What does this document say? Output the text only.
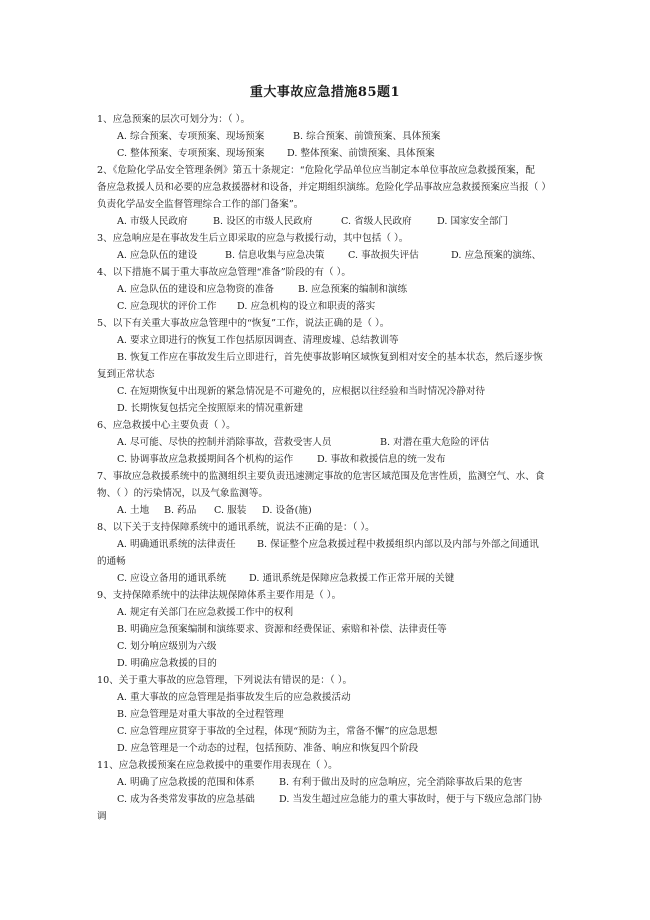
重大事故应急措施85题1
1、应急预案的层次可划分为：（ ）。
A. 综合预案、专项预案、现场预案	B. 综合预案、前馈预案、具体预案
C. 整体预案、专项预案、现场预案 D. 整体预案、前馈预案、具体预案
2、《危险化学品安全管理条例》第五十条规定：“危险化学品单位应当制定本单位事故应急救援预案，配
备应急救援人员和必要的应急救援器材和设备，并定期组织演练。危险化学品事故应急救援预案应当报（ ）
负责化学品安全监督管理综合工作的部门备案”。
A. 市级人民政府	B. 设区的市级人民政府	C. 省级人民政府	D. 国家安全部门
3、应急响应是在事故发生后立即采取的应急与救援行动，其中包括（ ）。
A. 应急队伍的建设	B. 信息收集与应急决策 C. 事故损失评估	D. 应急预案的演练、
4、以下措施不属于重大事故应急管理“准备”阶段的有（ ）。
A. 应急队伍的建设和应急物资的准备	B. 应急预案的编制和演练
C. 应急现状的评价工作 D. 应急机构的设立和职责的落实
5、以下有关重大事故应急管理中的“恢复”工作，说法正确的是（ ）。
A. 要求立即进行的恢复工作包括原因调查、清理废墟、总结教训等
B. 恢复工作应在事故发生后立即进行，首先使事故影响区域恢复到相对安全的基本状态，然后逐步恢
复到正常状态
C. 在短期恢复中出现新的紧急情况是不可避免的，应根据以往经验和当时情况冷静对待
D. 长期恢复包括完全按照原来的情况重新建
6、应急救援中心主要负责（ ）。
A. 尽可能、尽快的控制并消除事故，营救受害人员	B. 对潜在重大危险的评估
C. 协调事故应急救援期间各个机构的运作 D. 事故和救援信息的统一发布
7、事故应急救援系统中的监测组织主要负责迅速测定事故的危害区域范围及危害性质，监测空气、水、食
物、（ ）的污染情况，以及气象监测等。
A. 土地 B. 药品 C. 服装 D. 设备(施)
8、以下关于支持保障系统中的通讯系统，说法不正确的是：（ ）。
A. 明确通讯系统的法律责任 B. 保证整个应急救援过程中救援组织内部以及内部与外部之间通讯
的通畅
C. 应设立备用的通讯系统 D. 通讯系统是保障应急救援工作正常开展的关键
9、支持保障系统中的法律法规保障体系主要作用是（ ）。
A. 规定有关部门在应急救援工作中的权利
B. 明确应急预案编制和演练要求、资源和经费保证、索赔和补偿、法律责任等
C. 划分响应级别为六级
D. 明确应急救援的目的
10、关于重大事故的应急管理，下列说法有错误的是：（ ）。
A. 重大事故的应急管理是指事故发生后的应急救援活动
B. 应急管理是对重大事故的全过程管理
C. 应急管理应贯穿于事故的全过程，体现“预防为主，常备不懈”的应急思想
D. 应急管理是一个动态的过程，包括预防、准备、响应和恢复四个阶段
11、应急救援预案在应急救援中的重要作用表现在（ ）。
A. 明确了应急救援的范围和体系	B. 有利于做出及时的应急响应，完全消除事故后果的危害
C. 成为各类常发事故的应急基础	D. 当发生超过应急能力的重大事故时，便于与下级应急部门协
调
